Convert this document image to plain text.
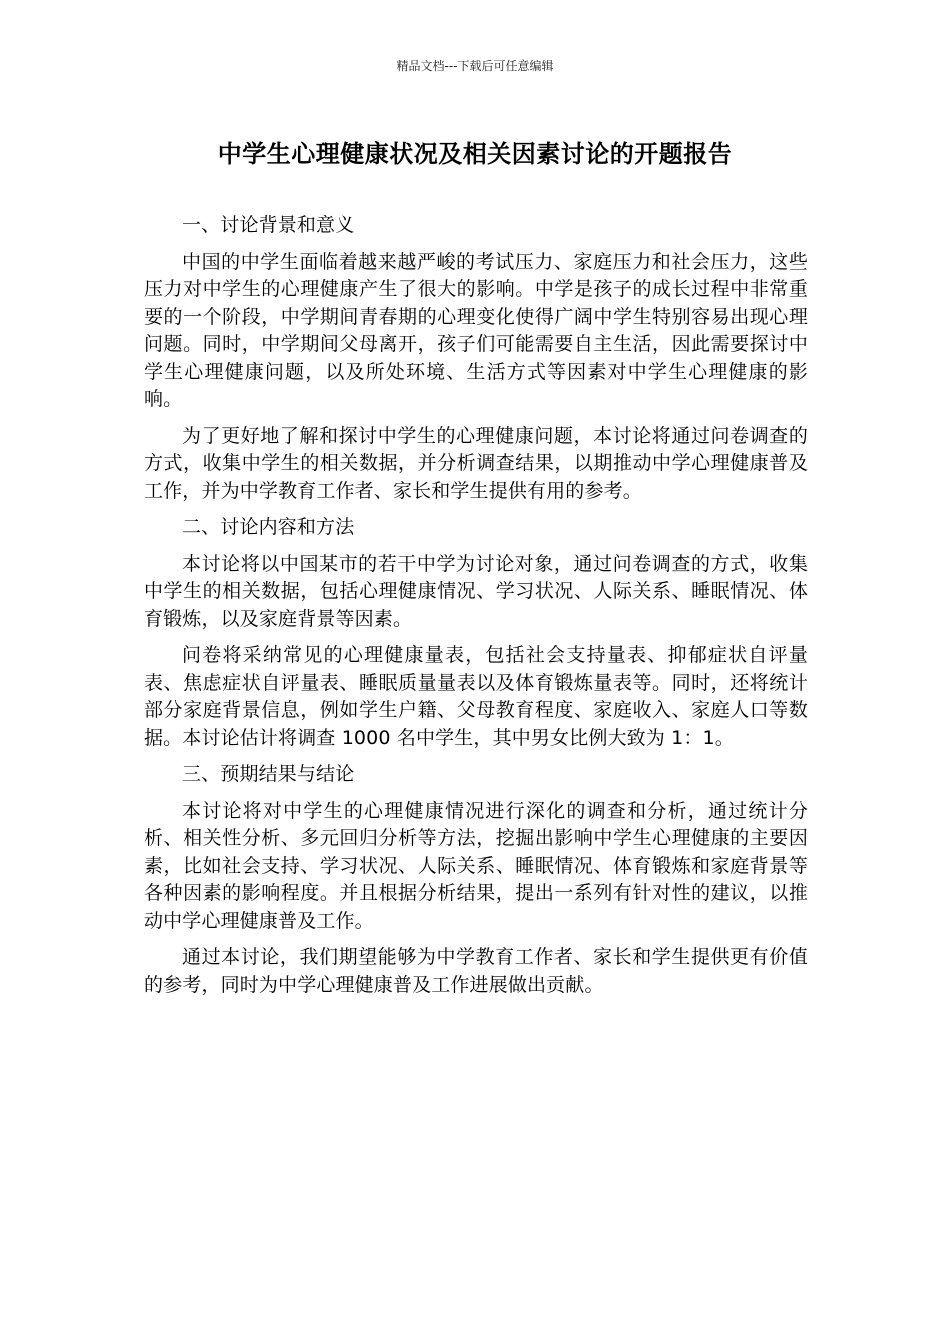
精品文档---下载后可任意编辑
中学生心理健康状况及相关因素讨论的开题报告

一、讨论背景和意义

中国的中学生面临着越来越严峻的考试压力、家庭压力和社会压力，这些压力对中学生的心理健康产生了很大的影响。中学是孩子的成长过程中非常重要的一个阶段，中学期间青春期的心理变化使得广阔中学生特别容易出现心理问题。同时，中学期间父母离开，孩子们可能需要自主生活，因此需要探讨中学生心理健康问题，以及所处环境、生活方式等因素对中学生心理健康的影响。

为了更好地了解和探讨中学生的心理健康问题，本讨论将通过问卷调查的方式，收集中学生的相关数据，并分析调查结果，以期推动中学心理健康普及工作，并为中学教育工作者、家长和学生提供有用的参考。

二、讨论内容和方法

本讨论将以中国某市的若干中学为讨论对象，通过问卷调查的方式，收集中学生的相关数据，包括心理健康情况、学习状况、人际关系、睡眠情况、体育锻炼，以及家庭背景等因素。

问卷将采纳常见的心理健康量表，包括社会支持量表、抑郁症状自评量表、焦虑症状自评量表、睡眠质量量表以及体育锻炼量表等。同时，还将统计部分家庭背景信息，例如学生户籍、父母教育程度、家庭收入、家庭人口等数据。本讨论估计将调查 1000 名中学生，其中男女比例大致为 1：1。

三、预期结果与结论

本讨论将对中学生的心理健康情况进行深化的调查和分析，通过统计分析、相关性分析、多元回归分析等方法，挖掘出影响中学生心理健康的主要因素，比如社会支持、学习状况、人际关系、睡眠情况、体育锻炼和家庭背景等各种因素的影响程度。并且根据分析结果，提出一系列有针对性的建议，以推动中学心理健康普及工作。

通过本讨论，我们期望能够为中学教育工作者、家长和学生提供更有价值的参考，同时为中学心理健康普及工作进展做出贡献。
